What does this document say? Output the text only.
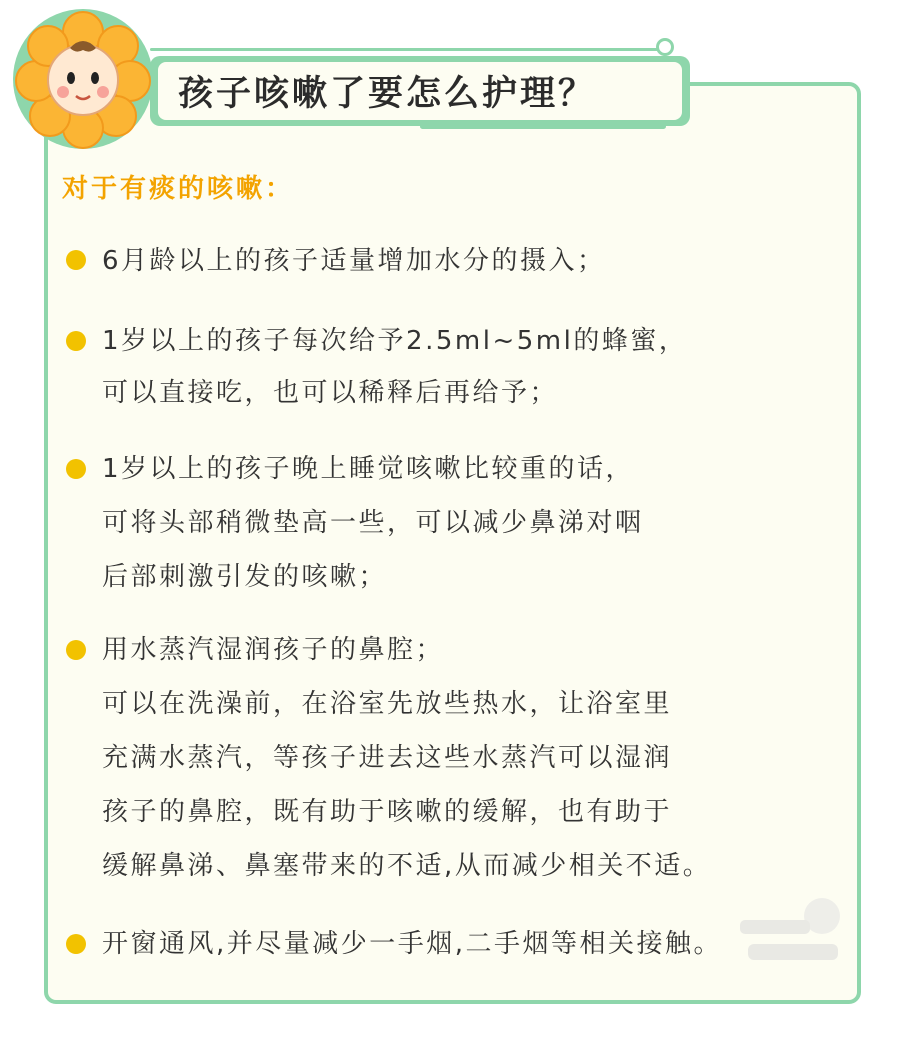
孩子咳嗽了要怎么护理？
对于有痰的咳嗽：
6月龄以上的孩子适量增加水分的摄入；
1岁以上的孩子每次给予2.5ml~5ml的蜂蜜，
可以直接吃，也可以稀释后再给予；
1岁以上的孩子晚上睡觉咳嗽比较重的话，
可将头部稍微垫高一些，可以减少鼻涕对咽
后部刺激引发的咳嗽；
用水蒸汽湿润孩子的鼻腔；
可以在洗澡前，在浴室先放些热水，让浴室里
充满水蒸汽，等孩子进去这些水蒸汽可以湿润
孩子的鼻腔，既有助于咳嗽的缓解，也有助于
缓解鼻涕、鼻塞带来的不适,从而减少相关不适。
开窗通风,并尽量减少一手烟,二手烟等相关接触。
